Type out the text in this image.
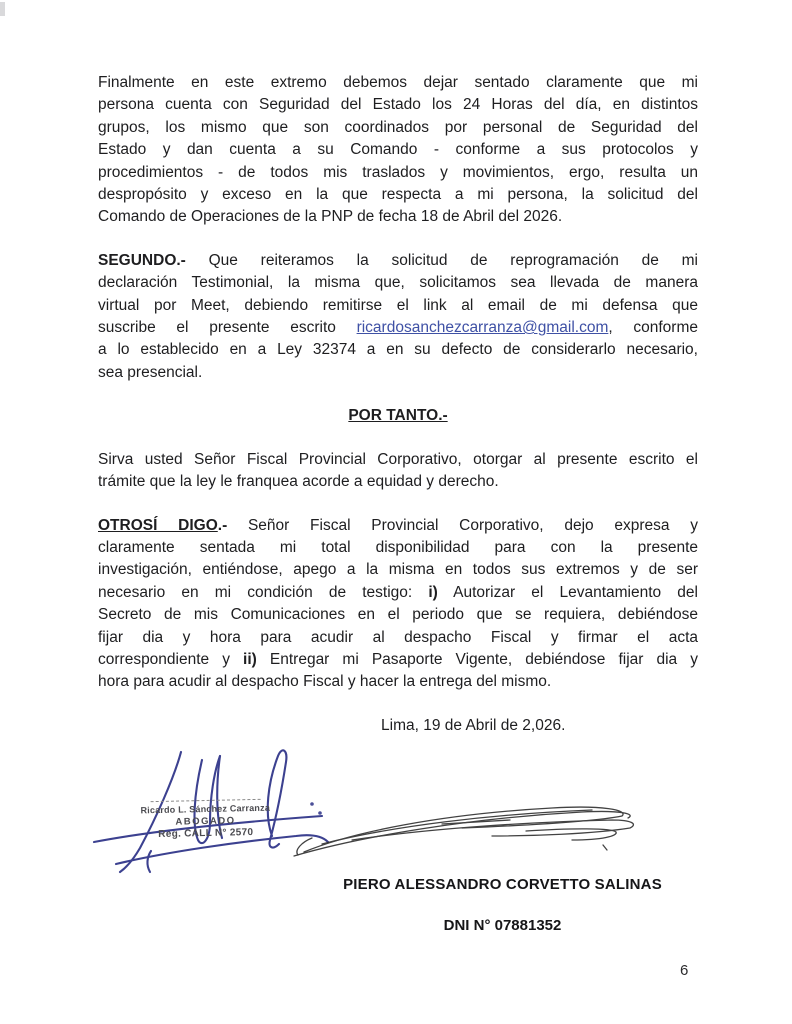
Finalmente en este extremo debemos dejar sentado claramente que mi
persona cuenta con Seguridad del Estado los 24 Horas del día, en distintos
grupos, los mismo que son coordinados por personal de Seguridad del
Estado y dan cuenta a su Comando - conforme a sus protocolos y
procedimientos - de todos mis traslados y movimientos, ergo, resulta un
despropósito y exceso en la que respecta a mi persona, la solicitud del
Comando de Operaciones de la PNP de fecha 18 de Abril del 2026.
SEGUNDO.- Que reiteramos la solicitud de reprogramación de mi
declaración Testimonial, la misma que, solicitamos sea llevada de manera
virtual por Meet, debiendo remitirse el link al email de mi defensa que
suscribe el presente escrito ricardosanchezcarranza@gmail.com, conforme
a lo establecido en a Ley 32374 a en su defecto de considerarlo necesario,
sea presencial.
POR TANTO.-
Sirva usted Señor Fiscal Provincial Corporativo, otorgar al presente escrito el
trámite que la ley le franquea acorde a equidad y derecho.
OTROSÍ DIGO.- Señor Fiscal Provincial Corporativo, dejo expresa y
claramente sentada mi total disponibilidad para con la presente
investigación, entiéndose, apego a la misma en todos sus extremos y de ser
necesario en mi condición de testigo: i) Autorizar el Levantamiento del
Secreto de mis Comunicaciones en el periodo que se requiera, debiéndose
fijar dia y hora para acudir al despacho Fiscal y firmar el acta
correspondiente y ii) Entregar mi Pasaporte Vigente, debiéndose fijar dia y
hora para acudir al despacho Fiscal y hacer la entrega del mismo.
Lima, 19 de Abril de 2,026.
Ricardo L. Sánchez Carranza
ABOGADO
Reg. CALL N° 2570
PIERO ALESSANDRO CORVETTO SALINAS
DNI N° 07881352
6
